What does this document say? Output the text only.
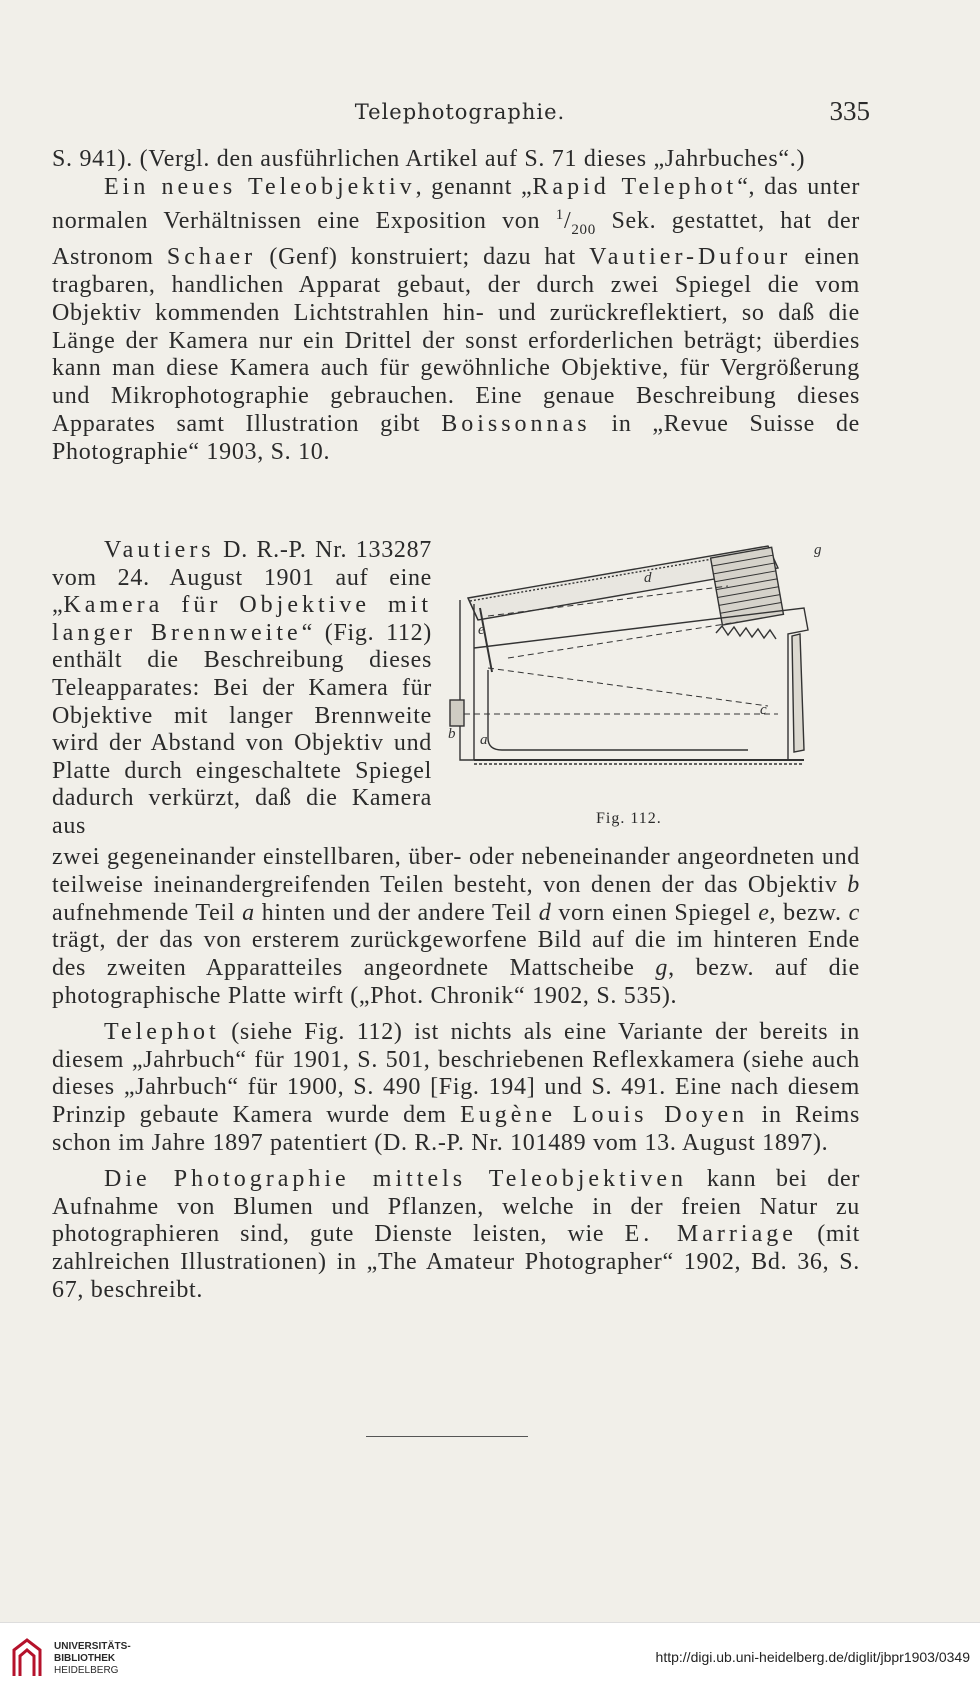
Telephotographie.	335

S. 941). (Vergl. den ausführlichen Artikel auf S. 71 dieses „Jahrbuches“.)

Ein neues Teleobjektiv, genannt „Rapid Telephot“, das unter normalen Verhältnissen eine Exposition von $^1/_{200}$ Sek. gestattet, hat der Astronom Schaer (Genf) konstruiert; dazu hat Vautier-Dufour einen tragbaren, handlichen Apparat gebaut, der durch zwei Spiegel die vom Objektiv kommenden Lichtstrahlen hin- und zurückreflektiert, so daß die Länge der Kamera nur ein Drittel der sonst erforderlichen beträgt; überdies kann man diese Kamera auch für gewöhnliche Objektive, für Vergrößerung und Mikrophotographie gebrauchen. Eine genaue Beschreibung dieses Apparates samt Illustration gibt Boissonnas in „Revue Suisse de Photographie“ 1903, S. 10.

Vautiers D. R.-P. Nr. 133287 vom 24. August 1901 auf eine „Kamera für Objektive mit langer Brennweite“ (Fig. 112) enthält die Beschreibung dieses Teleapparates: Bei der Kamera für Objektive mit langer Brennweite wird der Abstand von Objektiv und Platte durch eingeschaltete Spiegel dadurch verkürzt, daß die Kamera aus

d
e
c
a
g
b
Fig. 112.

zwei gegeneinander einstellbaren, über- oder nebeneinander angeordneten und teilweise ineinandergreifenden Teilen besteht, von denen der das Objektiv b aufnehmende Teil a hinten und der andere Teil d vorn einen Spiegel e, bezw. c trägt, der das von ersterem zurückgeworfene Bild auf die im hinteren Ende des zweiten Apparatteiles angeordnete Mattscheibe g, bezw. auf die photographische Platte wirft („Phot. Chronik“ 1902, S. 535).

Telephot (siehe Fig. 112) ist nichts als eine Variante der bereits in diesem „Jahrbuch“ für 1901, S. 501, beschriebenen Reflexkamera (siehe auch dieses „Jahrbuch“ für 1900, S. 490 [Fig. 194] und S. 491. Eine nach diesem Prinzip gebaute Kamera wurde dem Eugène Louis Doyen in Reims schon im Jahre 1897 patentiert (D. R.-P. Nr. 101489 vom 13. August 1897).

Die Photographie mittels Teleobjektiven kann bei der Aufnahme von Blumen und Pflanzen, welche in der freien Natur zu photographieren sind, gute Dienste leisten, wie E. Marriage (mit zahlreichen Illustrationen) in „The Amateur Photographer“ 1902, Bd. 36, S. 67, beschreibt.

UNIVERSITÄTS-
BIBLIOTHEK
HEIDELBERG
http://digi.ub.uni-heidelberg.de/diglit/jbpr1903/0349
